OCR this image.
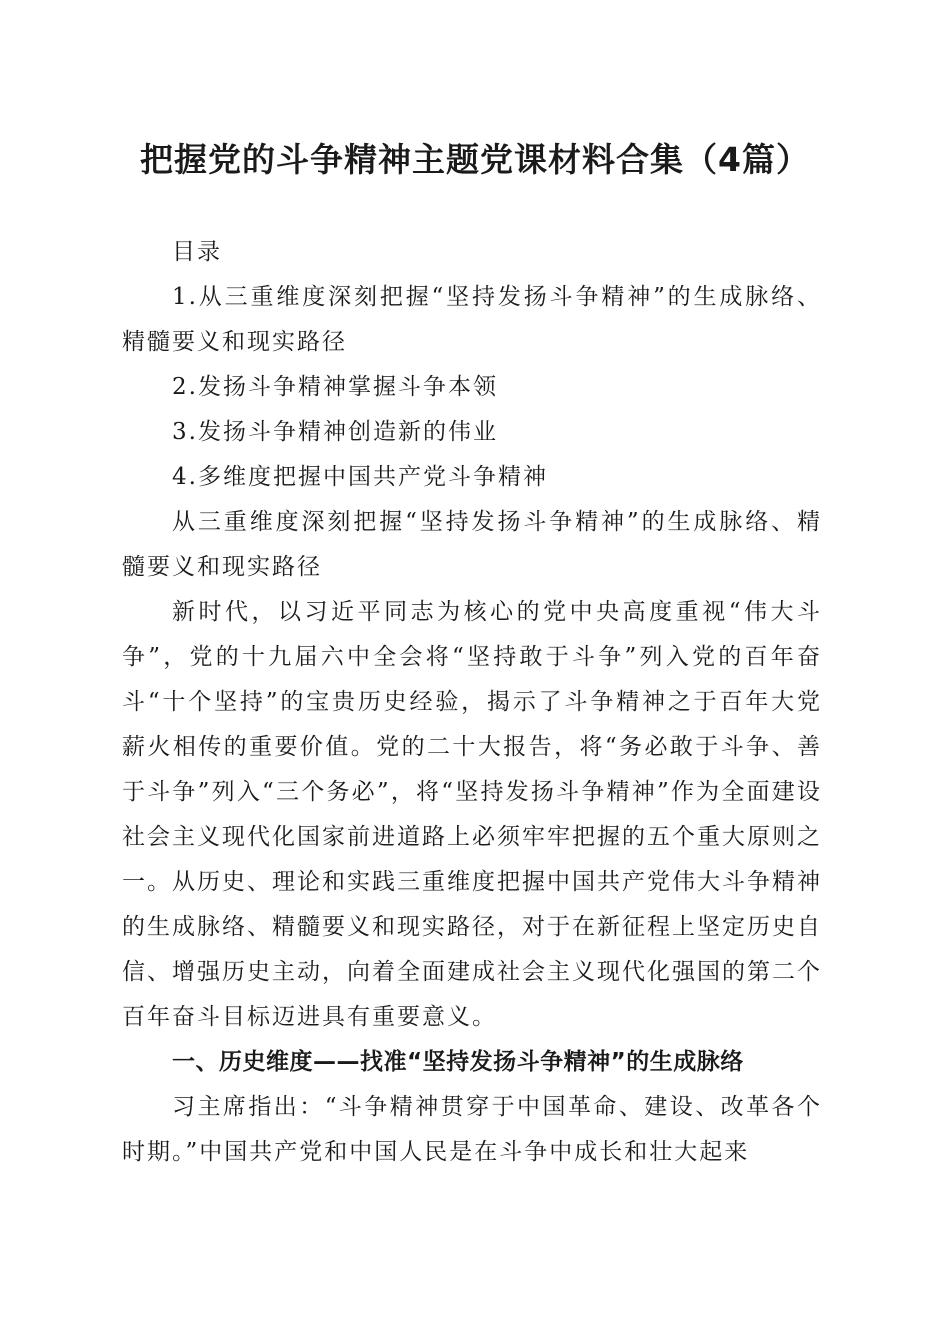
把握党的斗争精神主题党课材料合集（4篇）

目录

1.从三重维度深刻把握“坚持发扬斗争精神”的生成脉络、精髓要义和现实路径

2.发扬斗争精神掌握斗争本领

3.发扬斗争精神创造新的伟业

4.多维度把握中国共产党斗争精神

从三重维度深刻把握“坚持发扬斗争精神”的生成脉络、精髓要义和现实路径

新时代，以习近平同志为核心的党中央高度重视“伟大斗争”，党的十九届六中全会将“坚持敢于斗争”列入党的百年奋斗“十个坚持”的宝贵历史经验，揭示了斗争精神之于百年大党薪火相传的重要价值。党的二十大报告，将“务必敢于斗争、善于斗争”列入“三个务必”，将“坚持发扬斗争精神”作为全面建设社会主义现代化国家前进道路上必须牢牢把握的五个重大原则之一。从历史、理论和实践三重维度把握中国共产党伟大斗争精神的生成脉络、精髓要义和现实路径，对于在新征程上坚定历史自信、增强历史主动，向着全面建成社会主义现代化强国的第二个百年奋斗目标迈进具有重要意义。

一、历史维度——找准“坚持发扬斗争精神”的生成脉络

习主席指出：“斗争精神贯穿于中国革命、建设、改革各个时期。”中国共产党和中国人民是在斗争中成长和壮大起来
